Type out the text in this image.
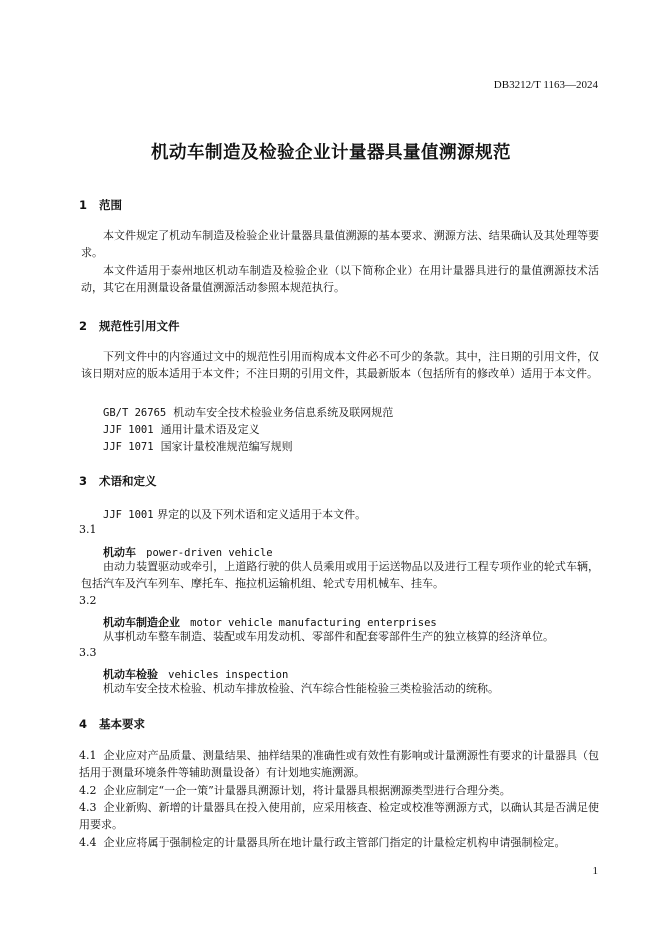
DB3212/T 1163—2024
机动车制造及检验企业计量器具量值溯源规范
1 范围
本文件规定了机动车制造及检验企业计量器具量值溯源的基本要求、溯源方法、结果确认及其处理等要求。
本文件适用于泰州地区机动车制造及检验企业（以下简称企业）在用计量器具进行的量值溯源技术活动，其它在用测量设备量值溯源活动参照本规范执行。
2 规范性引用文件
下列文件中的内容通过文中的规范性引用而构成本文件必不可少的条款。其中，注日期的引用文件，仅该日期对应的版本适用于本文件；不注日期的引用文件，其最新版本（包括所有的修改单）适用于本文件。
GB/T 26765 机动车安全技术检验业务信息系统及联网规范
JJF 1001 通用计量术语及定义
JJF 1071 国家计量校准规范编写规则
3 术语和定义
JJF 1001 界定的以及下列术语和定义适用于本文件。
3.1
机动车 power-driven vehicle
由动力装置驱动或牵引，上道路行驶的供人员乘用或用于运送物品以及进行工程专项作业的轮式车辆，包括汽车及汽车列车、摩托车、拖拉机运输机组、轮式专用机械车、挂车。
3.2
机动车制造企业 motor vehicle manufacturing enterprises
从事机动车整车制造、装配或车用发动机、零部件和配套零部件生产的独立核算的经济单位。
3.3
机动车检验 vehicles inspection
机动车安全技术检验、机动车排放检验、汽车综合性能检验三类检验活动的统称。
4 基本要求
4.1 企业应对产品质量、测量结果、抽样结果的准确性或有效性有影响或计量溯源性有要求的计量器具（包括用于测量环境条件等辅助测量设备）有计划地实施溯源。
4.2 企业应制定“一企一策”计量器具溯源计划，将计量器具根据溯源类型进行合理分类。
4.3 企业新购、新增的计量器具在投入使用前，应采用核查、检定或校准等溯源方式，以确认其是否满足使用要求。
4.4 企业应将属于强制检定的计量器具所在地计量行政主管部门指定的计量检定机构申请强制检定。
1
